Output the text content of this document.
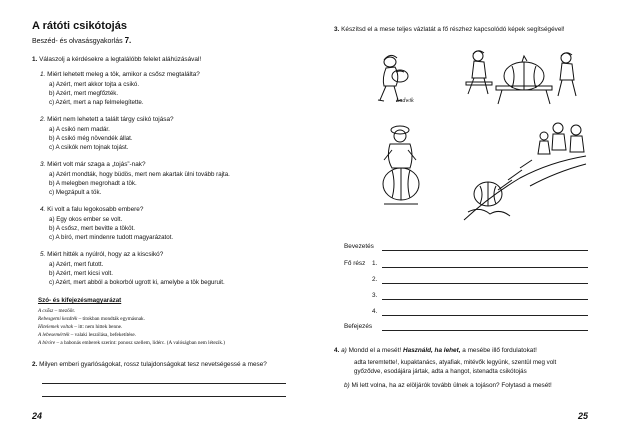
A rátóti csikótojás
Beszéd- és olvasásgyakorlás 7.
1. Válaszolj a kérdésekre a legtalálóbb felelet aláhúzásával!
1. Miért lehetett meleg a tök, amikor a csősz megtalálta?
a) Azért, mert akkor tojta a csikó.
b) Azért, mert megfőzték.
c) Azért, mert a nap felmelegítette.
2. Miért nem lehetett a talált tárgy csikó tojása?
a) A csikó nem madár.
b) A csikó még növendék állat.
c) A csikók nem tojnak tojást.
3. Miért volt már szaga a „tojás”-nak?
a) Azért mondták, hogy büdös, mert nem akartak ülni tovább rajta.
b) A melegben megrohadt a tök.
c) Megzápult a tök.
4. Ki volt a falu legokosabb embere?
a) Egy okos ember se volt.
b) A csősz, mert bevitte a tököt.
c) A bíró, mert mindenre tudott magyarázatot.
5. Miért hitték a nyúlról, hogy az a kiscsikó?
a) Azért, mert futott.
b) Azért, mert kicsi volt.
c) Azért, mert abból a bokorból ugrott ki, amelybe a tök beguruit.
Szó- és kifejezésmagyarázat
A csősz – mezőőr.
Rebesgetni kezdték – titokban mondták egymásnak.
Hitelemek voltak – itt: nem hittek benne.
A lebesemérték – valaki leszólása, befeketítése.
A bíróre – a babonás emberek szerint: ponosz szellem, lidérc. (A valóságban nem létezik.)
2. Milyen emberi gyarlóságokat, rossz tulajdonságokat tesz nevetségessé a mese?
24
3. Készítsd el a mese teljes vázlatát a fő részhez kapcsolódó képek segítségével!
Ludwik
Bevezetés
Fő rész 1.
2.
3.
4.
Befejezés
4. a) Mondd el a mesét! Használd, ha lehet, a mesébe illő fordulatokat!
adta teremtette!, kupaktanács, atyafiak, mitévők legyünk, szentül meg volt
győződve, esodájára jártak, adta a hangot, istenadta csikótojás
b) Mi lett volna, ha az elöljárók tovább ülnek a tojáson? Folytasd a mesét!
25
